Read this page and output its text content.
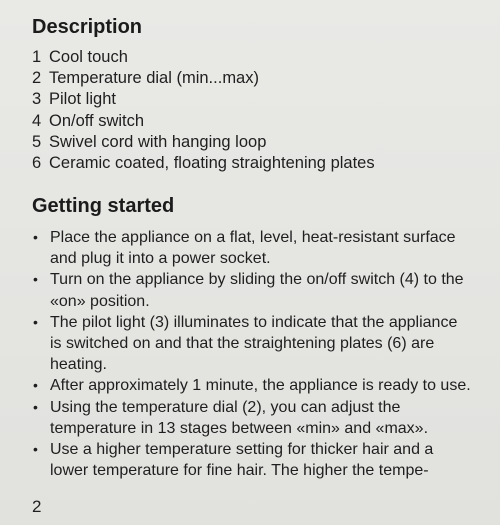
Description
1 Cool touch
2 Temperature dial (min...max)
3 Pilot light
4 On/off switch
5 Swivel cord with hanging loop
6 Ceramic coated, floating straightening plates
Getting started
• Place the appliance on a flat, level, heat-resistant surface
and plug it into a power socket.
• Turn on the appliance by sliding the on/off switch (4) to the
«on» position.
• The pilot light (3) illuminates to indicate that the appliance
is switched on and that the straightening plates (6) are
heating.
• After approximately 1 minute, the appliance is ready to use.
• Using the temperature dial (2), you can adjust the
temperature in 13 stages between «min» and «max».
• Use a higher temperature setting for thicker hair and a
lower temperature for fine hair. The higher the tempe-
2
